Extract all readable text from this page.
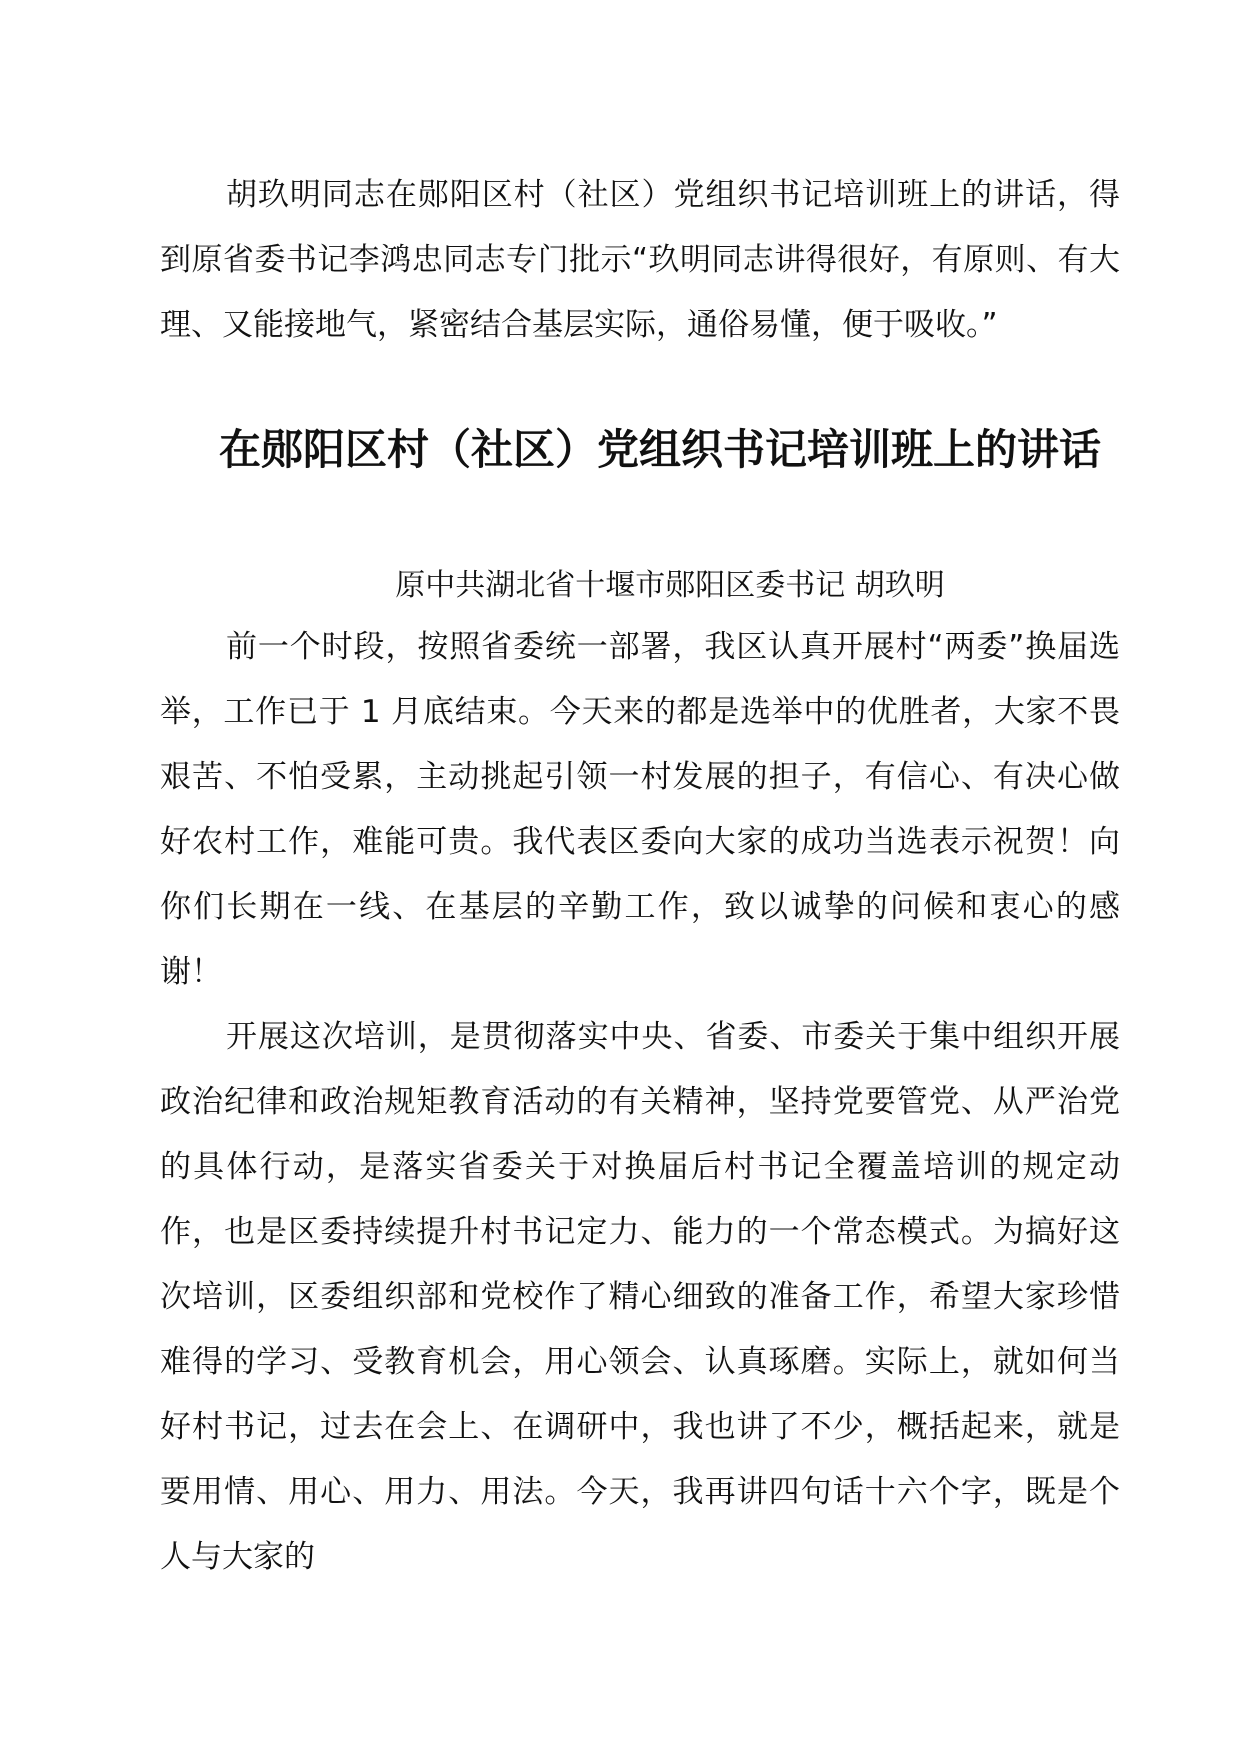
胡玖明同志在郧阳区村（社区）党组织书记培训班上的讲话，得到原省委书记李鸿忠同志专门批示“玖明同志讲得很好，有原则、有大理、又能接地气，紧密结合基层实际，通俗易懂，便于吸收。”

在郧阳区村（社区）党组织书记培训班上的讲话

原中共湖北省十堰市郧阳区委书记 胡玖明

前一个时段，按照省委统一部署，我区认真开展村“两委”换届选举，工作已于 1 月底结束。今天来的都是选举中的优胜者，大家不畏艰苦、不怕受累，主动挑起引领一村发展的担子，有信心、有决心做好农村工作，难能可贵。我代表区委向大家的成功当选表示祝贺！向你们长期在一线、在基层的辛勤工作，致以诚挚的问候和衷心的感谢！

开展这次培训，是贯彻落实中央、省委、市委关于集中组织开展政治纪律和政治规矩教育活动的有关精神，坚持党要管党、从严治党的具体行动，是落实省委关于对换届后村书记全覆盖培训的规定动作，也是区委持续提升村书记定力、能力的一个常态模式。为搞好这次培训，区委组织部和党校作了精心细致的准备工作，希望大家珍惜难得的学习、受教育机会，用心领会、认真琢磨。实际上，就如何当好村书记，过去在会上、在调研中，我也讲了不少，概括起来，就是要用情、用心、用力、用法。今天，我再讲四句话十六个字，既是个人与大家的
